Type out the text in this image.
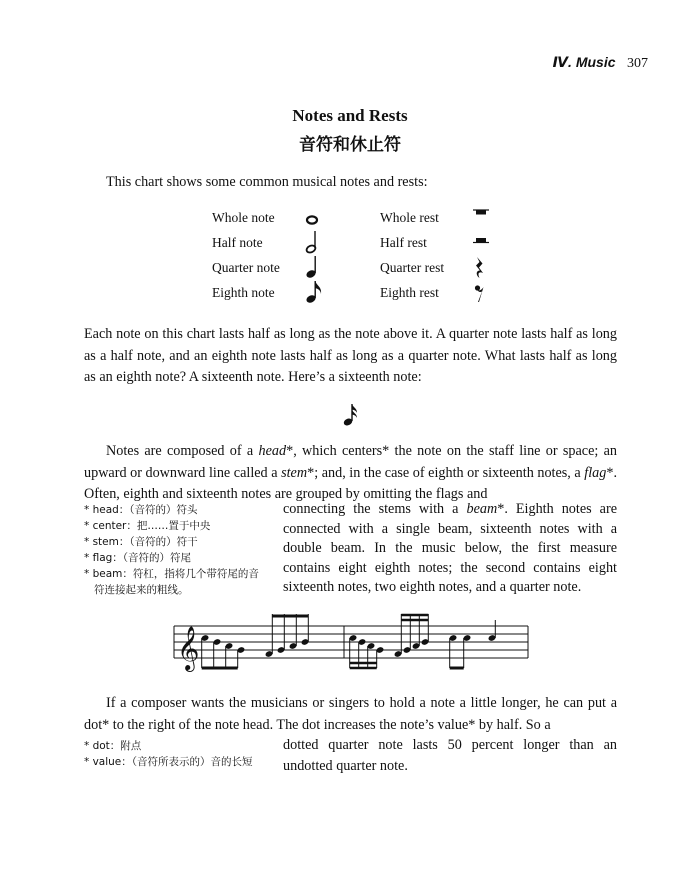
Ⅳ. Music 307
Notes and Rests
音符和休止符
This chart shows some common musical notes and rests:
Whole note
Half note
Quarter note
Eighth note
Whole rest
Half rest
Quarter rest
Eighth rest
Each note on this chart lasts half as long as the note above it. A quarter note lasts half as long as a half note, and an eighth note lasts half as long as a quarter note. What lasts half as long as an eighth note? A sixteenth note. Here’s a sixteenth note:
Notes are composed of a head*, which centers* the note on the staff line or space; an upward or downward line called a stem*; and, in the case of eighth or sixteenth notes, a flag*. Often, eighth and sixteenth notes are grouped by omitting the flags and
connecting the stems with a beam*. Eighth notes are connected with a single beam, sixteenth notes with a double beam. In the music below, the first measure contains eight eighth notes; the second contains eight sixteenth notes, two eighth notes, and a quarter note.
* head：（音符的）符头
* center：把……置于中央
* stem：（音符的）符干
* flag：（音符的）符尾
* beam：符杠，指将几个带符尾的音
符连接起来的粗线。
𝄞
If a composer wants the musicians or singers to hold a note a little longer, he can put a dot* to the right of the note head. The dot increases the note’s value* by half. So a
dotted quarter note lasts 50 percent longer than an undotted quarter note.
* dot：附点
* value：（音符所表示的）音的长短
